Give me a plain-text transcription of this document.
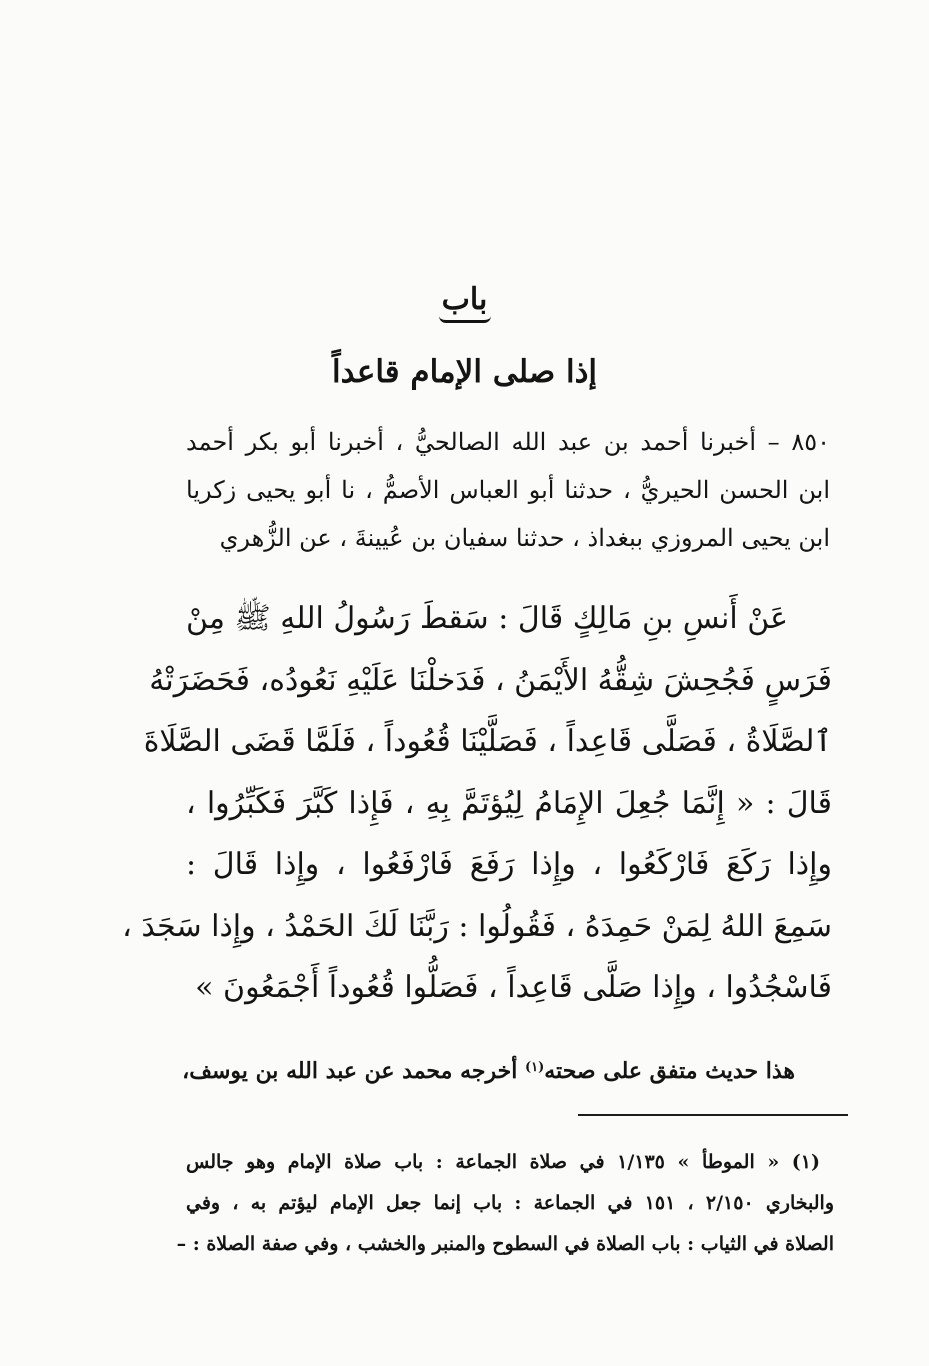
باب
إذا صلى الإمام قاعداً
٨٥٠ – أخبرنا أحمد بن عبد الله الصالحيُّ ، أخبرنا أبو بكر أحمد
ابن الحسن الحيريُّ ، حدثنا أبو العباس الأصمُّ ، نا أبو يحيى زكريا
ابن يحيى المروزي ببغداذ ، حدثنا سفيان بن عُيينةَ ، عن الزُّهري
عَنْ أَنسِ بنِ مَالِكٍ قَالَ : سَقطَ رَسُولُ اللهِ ﷺ مِنْ
فَرَسٍ فَجُحِشَ شِقُّهُ الأَيْمَنُ ، فَدَخلْنَا عَلَيْهِ نَعُودُه، فَحَضَرَتْهُ
ٱلصَّلَاةُ ، فَصَلَّى قَاعِداً ، فَصَلَّيْنَا قُعُوداً ، فَلَمَّا قَضَى الصَّلَاةَ
قَالَ : « إِنَّمَا جُعِلَ الإِمَامُ لِيُؤتَمَّ بِهِ ، فَإِذا كَبَّرَ فَكَبِّرُوا ،
وإِذا رَكَعَ فَارْكَعُوا ، وإِذا رَفَعَ فَارْفَعُوا ، وإِذا قَالَ :
سَمِعَ اللهُ لِمَنْ حَمِدَهُ ، فَقُولُوا : رَبَّنَا لَكَ الحَمْدُ ، وإِذا سَجَدَ ،
فَاسْجُدُوا ، وإِذا صَلَّى قَاعِداً ، فَصَلُّوا قُعُوداً أَجْمَعُونَ »
هذا حديث متفق على صحته$^{(١)}$ أخرجه محمد عن عبد الله بن يوسف،
(١) « الموطأ » ١/١٣٥ في صلاة الجماعة : باب صلاة الإمام وهو جالس
والبخاري ٢/١٥٠ ، ١٥١ في الجماعة : باب إنما جعل الإمام ليؤتم به ، وفي
الصلاة في الثياب : باب الصلاة في السطوح والمنبر والخشب ، وفي صفة الصلاة : –
